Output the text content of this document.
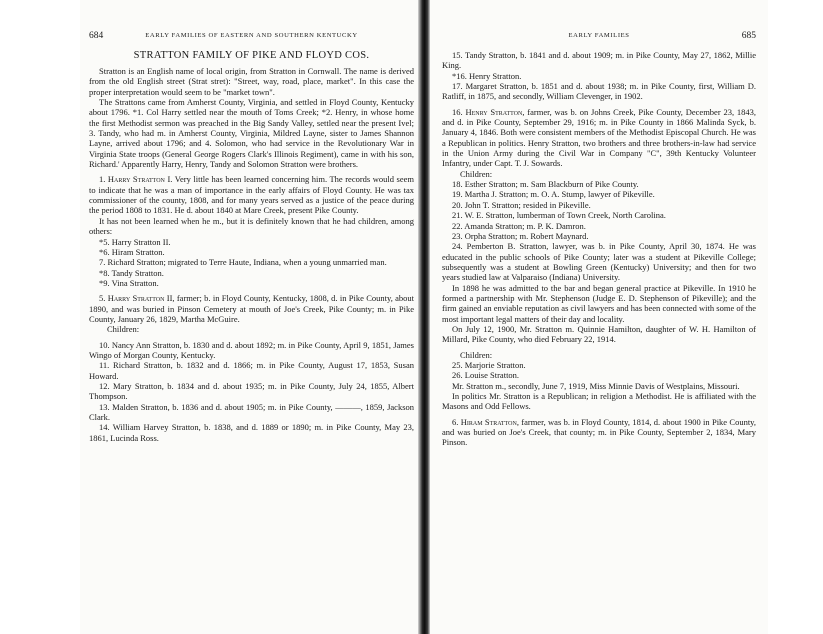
684	EARLY FAMILIES OF EASTERN AND SOUTHERN KENTUCKY
STRATTON FAMILY OF PIKE AND FLOYD COS.

Stratton is an English name of local origin, from Stratton in Cornwall. The name is derived from the old English street (Strat stret): "Street, way, road, place, market". In this case the proper interpretation would seem to be "market town".

The Strattons came from Amherst County, Virginia, and settled in Floyd County, Kentucky about 1796. *1. Col Harry settled near the mouth of Toms Creek; *2. Henry, in whose home the first Methodist sermon was preached in the Big Sandy Valley, settled near the present Ivel; 3. Tandy, who had m. in Amherst County, Virginia, Mildred Layne, sister to James Shannon Layne, arrived about 1796; and 4. Solomon, who had service in the Revolutionary War in Virginia State troops (General George Rogers Clark's Illinois Regiment), came in with his son, Richard.' Apparently Harry, Henry, Tandy and Solomon Stratton were brothers.

1. Harry Stratton I. Very little has been learned concerning him. The records would seem to indicate that he was a man of importance in the early affairs of Floyd County. He was tax commissioner of the county, 1808, and for many years served as a justice of the peace during the period 1808 to 1831. He d. about 1840 at Mare Creek, present Pike County.

It has not been learned when he m., but it is definitely known that he had children, among others:

*5. Harry Stratton II.

*6. Hiram Stratton.

7. Richard Stratton; migrated to Terre Haute, Indiana, when a young unmarried man.

*8. Tandy Stratton.

*9. Vina Stratton.

5. Harry Stratton II, farmer; b. in Floyd County, Kentucky, 1808, d. in Pike County, about 1890, and was buried in Pinson Cemetery at mouth of Joe's Creek, Pike County; m. in Pike County, January 26, 1829, Martha McGuire.

Children:

10. Nancy Ann Stratton, b. 1830 and d. about 1892; m. in Pike County, April 9, 1851, James Wingo of Morgan County, Kentucky.

11. Richard Stratton, b. 1832 and d. 1866; m. in Pike County, August 17, 1853, Susan Howard.

12. Mary Stratton, b. 1834 and d. about 1935; m. in Pike County, July 24, 1855, Albert Thompson.

13. Malden Stratton, b. 1836 and d. about 1905; m. in Pike County, ———, 1859, Jackson Clark.

14. William Harvey Stratton, b. 1838, and d. 1889 or 1890; m. in Pike County, May 23, 1861, Lucinda Ross.

EARLY FAMILIES	685

15. Tandy Stratton, b. 1841 and d. about 1909; m. in Pike County, May 27, 1862, Millie King.

*16. Henry Stratton.

17. Margaret Stratton, b. 1851 and d. about 1938; m. in Pike County, first, William D. Ratliff, in 1875, and secondly, William Clevenger, in 1902.

16. Henry Stratton, farmer, was b. on Johns Creek, Pike County, December 23, 1843, and d. in Pike County, September 29, 1916; m. in Pike County in 1866 Malinda Syck, b. January 4, 1846. Both were consistent members of the Methodist Episcopal Church. He was a Republican in politics. Henry Stratton, two brothers and three brothers-in-law had service in the Union Army during the Civil War in Company "C", 39th Kentucky Volunteer Infantry, under Capt. T. J. Sowards.

Children:

18. Esther Stratton; m. Sam Blackburn of Pike County.

19. Martha J. Stratton; m. O. A. Stump, lawyer of Pikeville.

20. John T. Stratton; resided in Pikeville.

21. W. E. Stratton, lumberman of Town Creek, North Carolina.

22. Amanda Stratton; m. P. K. Damron.

23. Orpha Stratton; m. Robert Maynard.

24. Pemberton B. Stratton, lawyer, was b. in Pike County, April 30, 1874. He was educated in the public schools of Pike County; later was a student at Pikeville College; subsequently was a student at Bowling Green (Kentucky) University; and then for two years studied law at Valparaiso (Indiana) University.

In 1898 he was admitted to the bar and began general practice at Pikeville. In 1910 he formed a partnership with Mr. Stephenson (Judge E. D. Stephenson of Pikeville); and the firm gained an enviable reputation as civil lawyers and has been connected with some of the most important legal matters of their day and locality.

On July 12, 1900, Mr. Stratton m. Quinnie Hamilton, daughter of W. H. Hamilton of Millard, Pike County, who died February 22, 1914.

Children:

25. Marjorie Stratton.

26. Louise Stratton.

Mr. Stratton m., secondly, June 7, 1919, Miss Minnie Davis of Westplains, Missouri.

In politics Mr. Stratton is a Republican; in religion a Methodist. He is affiliated with the Masons and Odd Fellows.

6. Hiram Stratton, farmer, was b. in Floyd County, 1814, d. about 1900 in Pike County, and was buried on Joe's Creek, that county; m. in Pike County, September 2, 1834, Mary Pinson.
